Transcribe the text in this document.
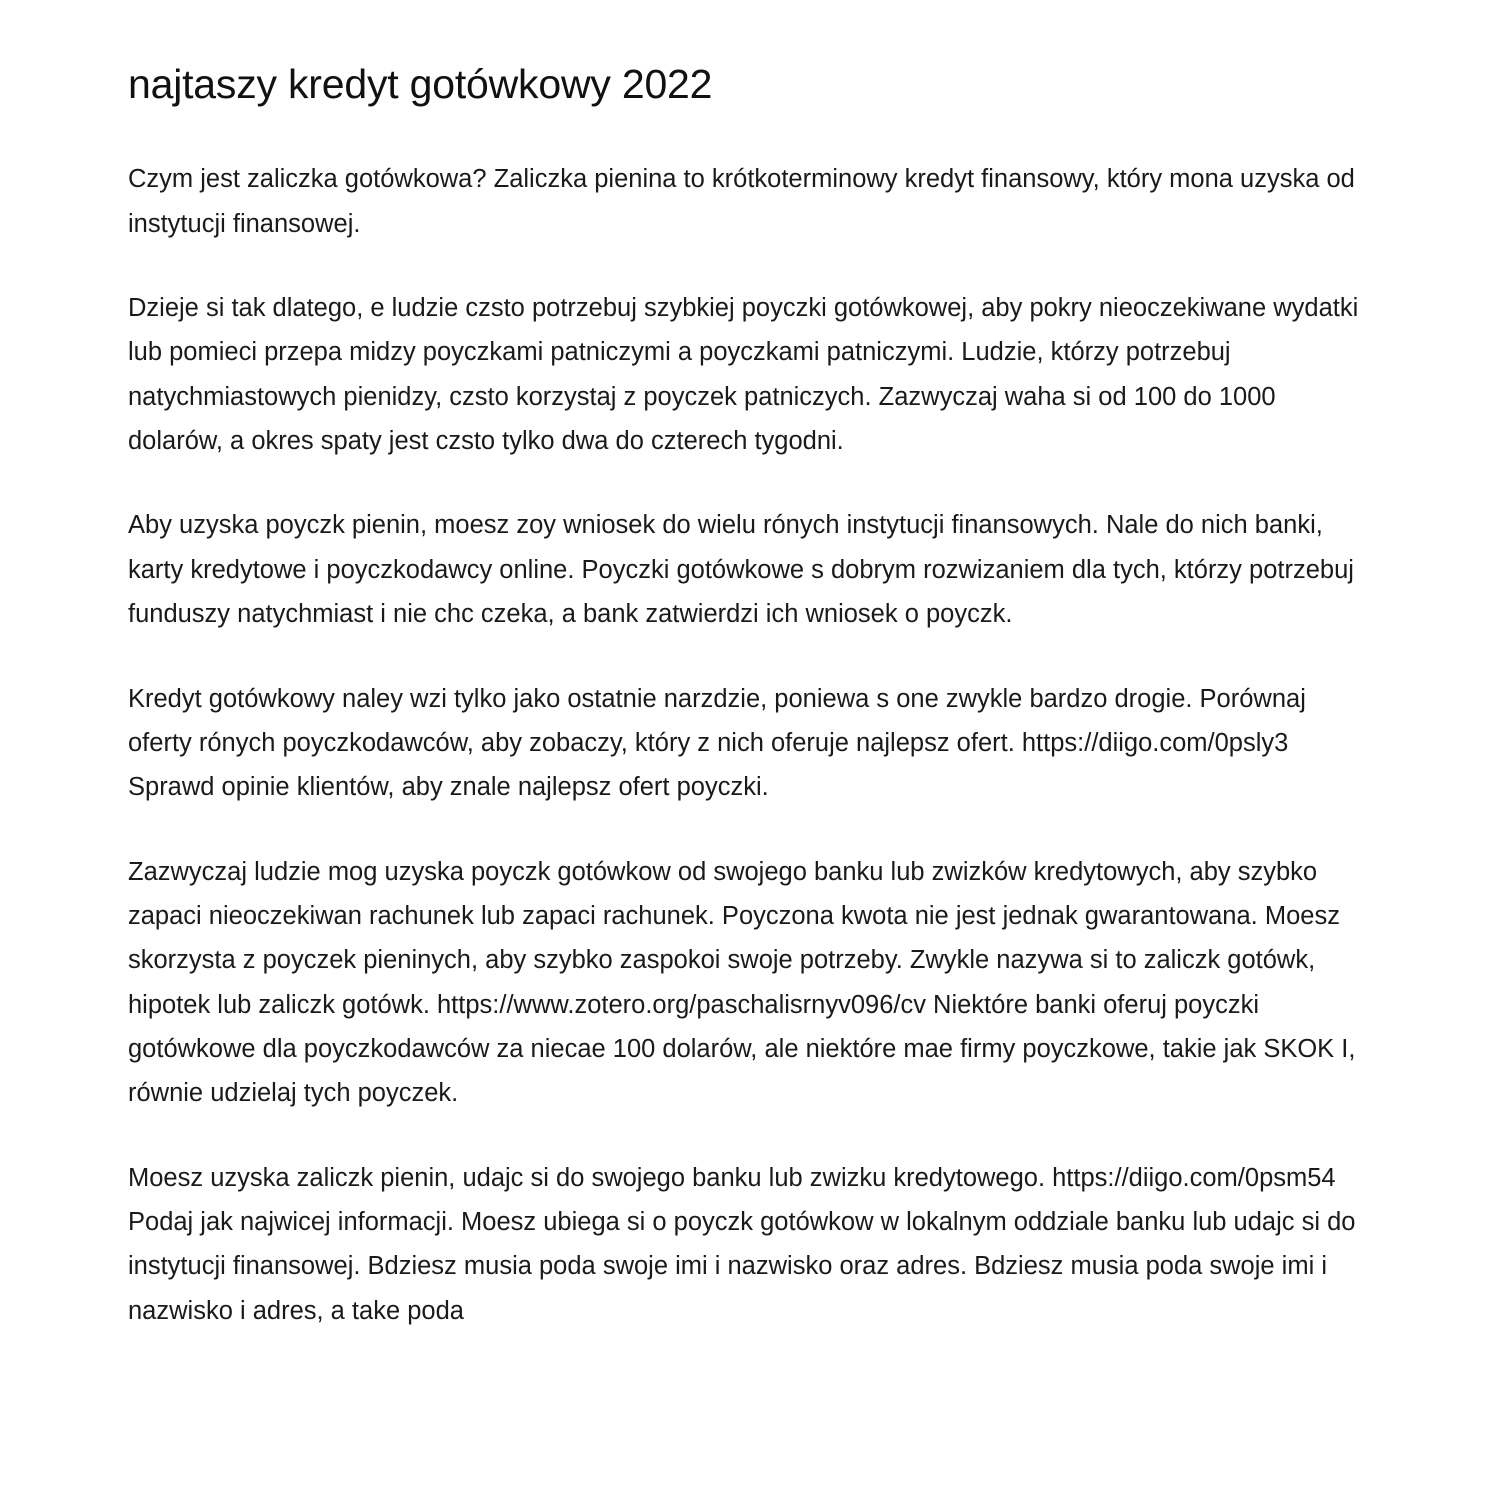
najtaszy kredyt gotówkowy 2022

Czym jest zaliczka gotówkowa? Zaliczka pienina to krótkoterminowy kredyt finansowy, który mona uzyska od instytucji finansowej.

Dzieje si tak dlatego, e ludzie czsto potrzebuj szybkiej poyczki gotówkowej, aby pokry nieoczekiwane wydatki lub pomieci przepa midzy poyczkami patniczymi a poyczkami patniczymi. Ludzie, którzy potrzebuj natychmiastowych pienidzy, czsto korzystaj z poyczek patniczych. Zazwyczaj waha si od 100 do 1000 dolarów, a okres spaty jest czsto tylko dwa do czterech tygodni.

Aby uzyska poyczk pienin, moesz zoy wniosek do wielu rónych instytucji finansowych. Nale do nich banki, karty kredytowe i poyczkodawcy online. Poyczki gotówkowe s dobrym rozwizaniem dla tych, którzy potrzebuj funduszy natychmiast i nie chc czeka, a bank zatwierdzi ich wniosek o poyczk.

Kredyt gotówkowy naley wzi tylko jako ostatnie narzdzie, poniewa s one zwykle bardzo drogie. Porównaj oferty rónych poyczkodawców, aby zobaczy, który z nich oferuje najlepsz ofert. https://diigo.com/0psly3 Sprawd opinie klientów, aby znale najlepsz ofert poyczki.

Zazwyczaj ludzie mog uzyska poyczk gotówkow od swojego banku lub zwizków kredytowych, aby szybko zapaci nieoczekiwan rachunek lub zapaci rachunek. Poyczona kwota nie jest jednak gwarantowana. Moesz skorzysta z poyczek pieninych, aby szybko zaspokoi swoje potrzeby. Zwykle nazywa si to zaliczk gotówk, hipotek lub zaliczk gotówk. https://www.zotero.org/paschalisrnyv096/cv Niektóre banki oferuj poyczki gotówkowe dla poyczkodawców za niecae 100 dolarów, ale niektóre mae firmy poyczkowe, takie jak SKOK I, równie udzielaj tych poyczek.

Moesz uzyska zaliczk pienin, udajc si do swojego banku lub zwizku kredytowego. https://diigo.com/0psm54 Podaj jak najwicej informacji. Moesz ubiega si o poyczk gotówkow w lokalnym oddziale banku lub udajc si do instytucji finansowej. Bdziesz musia poda swoje imi i nazwisko oraz adres. Bdziesz musia poda swoje imi i nazwisko i adres, a take poda
